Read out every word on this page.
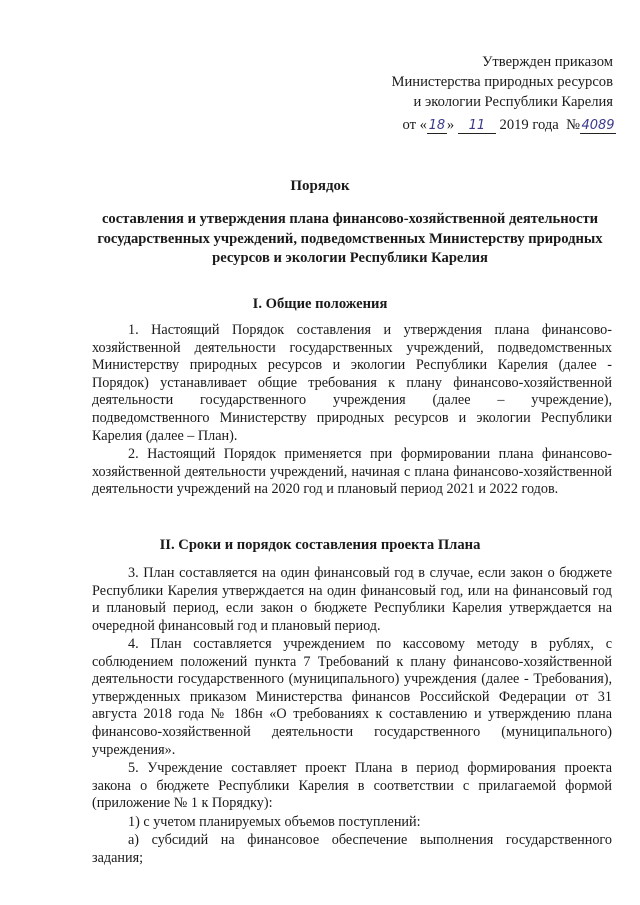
Утвержден приказом
Министерства природных ресурсов
и экологии Республики Карелия
от « 18 » 11 2019 года №4089
Порядок
составления и утверждения плана финансово-хозяйственной деятельности государственных учреждений, подведомственных Министерству природных ресурсов и экологии Республики Карелия
I. Общие положения

1. Настоящий Порядок составления и утверждения плана финансово-хозяйственной деятельности государственных учреждений, подведомственных Министерству природных ресурсов и экологии Республики Карелия (далее - Порядок) устанавливает общие требования к плану финансово-хозяйственной деятельности государственного учреждения (далее – учреждение), подведомственного Министерству природных ресурсов и экологии Республики Карелия (далее – План).

2. Настоящий Порядок применяется при формировании плана финансово-хозяйственной деятельности учреждений, начиная с плана финансово-хозяйственной деятельности учреждений на 2020 год и плановый период 2021 и 2022 годов.

II. Сроки и порядок составления проекта Плана

3. План составляется на один финансовый год в случае, если закон о бюджете Республики Карелия утверждается на один финансовый год, или на финансовый год и плановый период, если закон о бюджете Республики Карелия утверждается на очередной финансовый год и плановый период.

4. План составляется учреждением по кассовому методу в рублях, с соблюдением положений пункта 7 Требований к плану финансово-хозяйственной деятельности государственного (муниципального) учреждения (далее - Требования), утвержденных приказом Министерства финансов Российской Федерации от 31 августа 2018 года № 186н «О требованиях к составлению и утверждению плана финансово-хозяйственной деятельности государственного (муниципального) учреждения».

5. Учреждение составляет проект Плана в период формирования проекта закона о бюджете Республики Карелия в соответствии с прилагаемой формой (приложение № 1 к Порядку):

1) с учетом планируемых объемов поступлений:

а) субсидий на финансовое обеспечение выполнения государственного задания;
